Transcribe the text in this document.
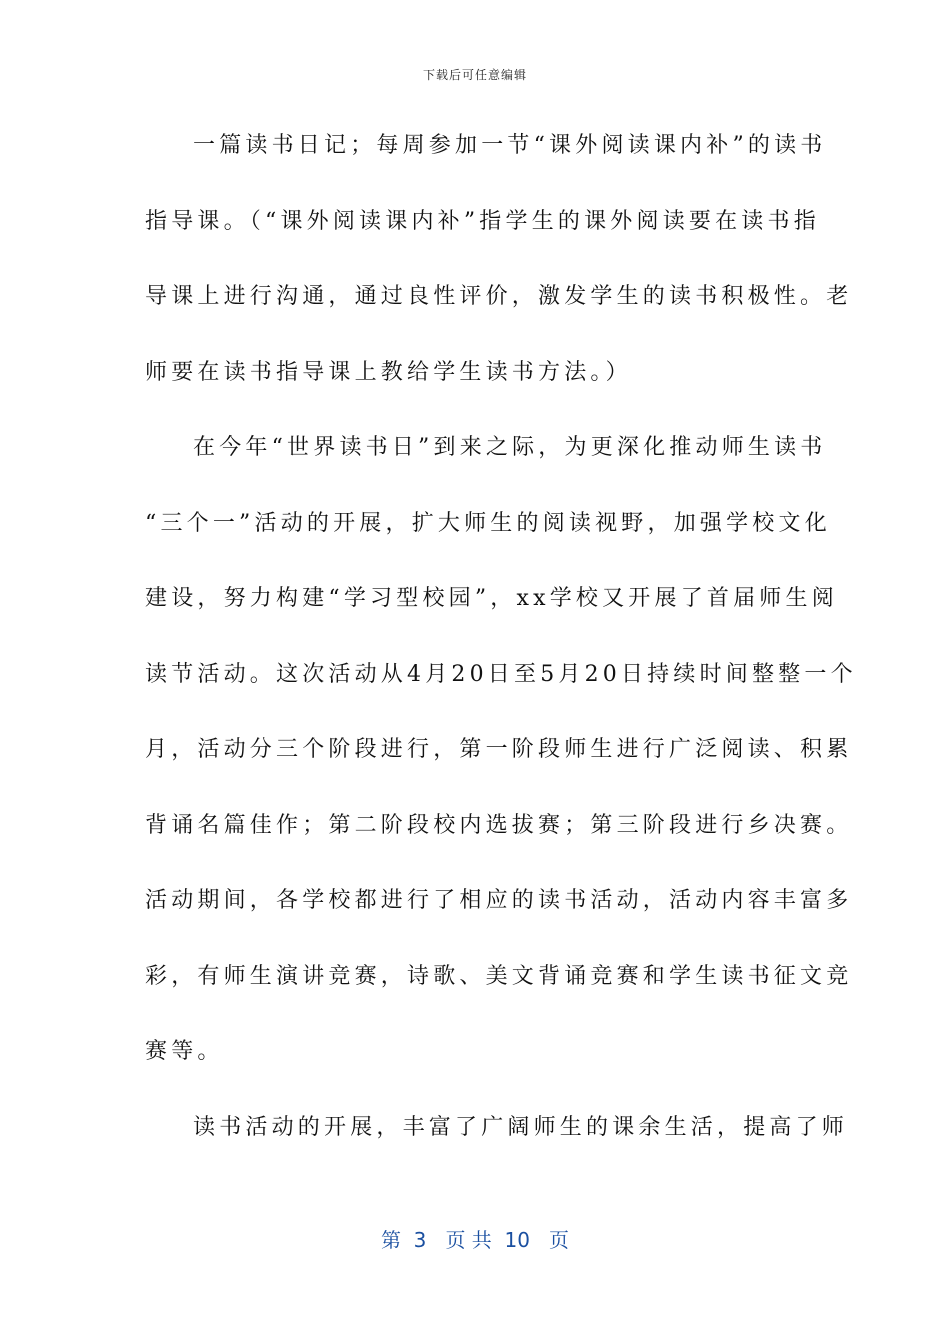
下载后可任意编辑
一篇读书日记；每周参加一节“课外阅读课内补”的读书
指导课。（“课外阅读课内补”指学生的课外阅读要在读书指
导课上进行沟通，通过良性评价，激发学生的读书积极性。老
师要在读书指导课上教给学生读书方法。）
在今年“世界读书日”到来之际，为更深化推动师生读书
“三个一”活动的开展，扩大师生的阅读视野，加强学校文化
建设，努力构建“学习型校园”，xx学校又开展了首届师生阅
读节活动。这次活动从4月20日至5月20日持续时间整整一个
月，活动分三个阶段进行，第一阶段师生进行广泛阅读、积累
背诵名篇佳作；第二阶段校内选拔赛；第三阶段进行乡决赛。
活动期间，各学校都进行了相应的读书活动，活动内容丰富多
彩，有师生演讲竞赛，诗歌、美文背诵竞赛和学生读书征文竞
赛等。
读书活动的开展，丰富了广阔师生的课余生活，提高了师
第  3   页 共  10   页
